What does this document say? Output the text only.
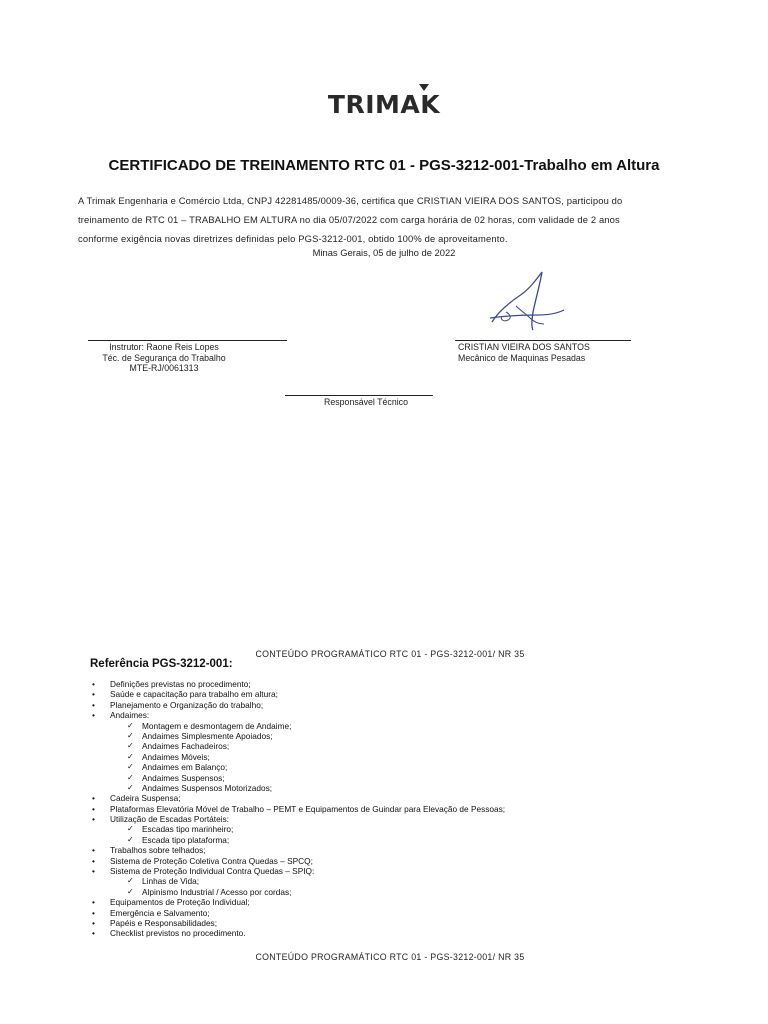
TRIMAK
CERTIFICADO DE TREINAMENTO RTC 01 - PGS-3212-001-Trabalho em Altura

A Trimak Engenharia e Comércio Ltda, CNPJ 42281485/0009-36, certifica que CRISTIAN VIEIRA DOS SANTOS, participou do

treinamento de RTC 01 – TRABALHO EM ALTURA no dia 05/07/2022 com carga horária de 02 horas, com validade de 2 anos

conforme exigência novas diretrizes definidas pelo PGS-3212-001, obtido 100% de aproveitamento.

Minas Gerais, 05 de julho de 2022
Instrutor: Raone Reis Lopes
Téc. de Segurança do Trabalho
MTE-RJ/0061313
CRISTIAN VIEIRA DOS SANTOS
Mecânico de Maquinas Pesadas
Responsável Técnico
CONTEÚDO PROGRAMÁTICO RTC 01 - PGS-3212-001/ NR 35
Referência PGS-3212-001:
• Definições previstas no procedimento;
• Saúde e capacitação para trabalho em altura;
• Planejamento e Organização do trabalho;
• Andaimes:
✓ Montagem e desmontagem de Andaime;
✓ Andaimes Simplesmente Apoiados;
✓ Andaimes Fachadeiros;
✓ Andaimes Móveis;
✓ Andaimes em Balanço;
✓ Andaimes Suspensos;
✓ Andaimes Suspensos Motorizados;
• Cadeira Suspensa;
• Plataformas Elevatória Móvel de Trabalho – PEMT e Equipamentos de Guindar para Elevação de Pessoas;
• Utilização de Escadas Portáteis:
✓ Escadas tipo marinheiro;
✓ Escada tipo plataforma;
• Trabalhos sobre telhados;
• Sistema de Proteção Coletiva Contra Quedas – SPCQ;
• Sistema de Proteção Individual Contra Quedas – SPIQ:
✓ Linhas de Vida;
✓ Alpinismo Industrial / Acesso por cordas;
• Equipamentos de Proteção Individual;
• Emergência e Salvamento;
• Papéis e Responsabilidades;
• Checklist previstos no procedimento.
CONTEÚDO PROGRAMÁTICO RTC 01 - PGS-3212-001/ NR 35
